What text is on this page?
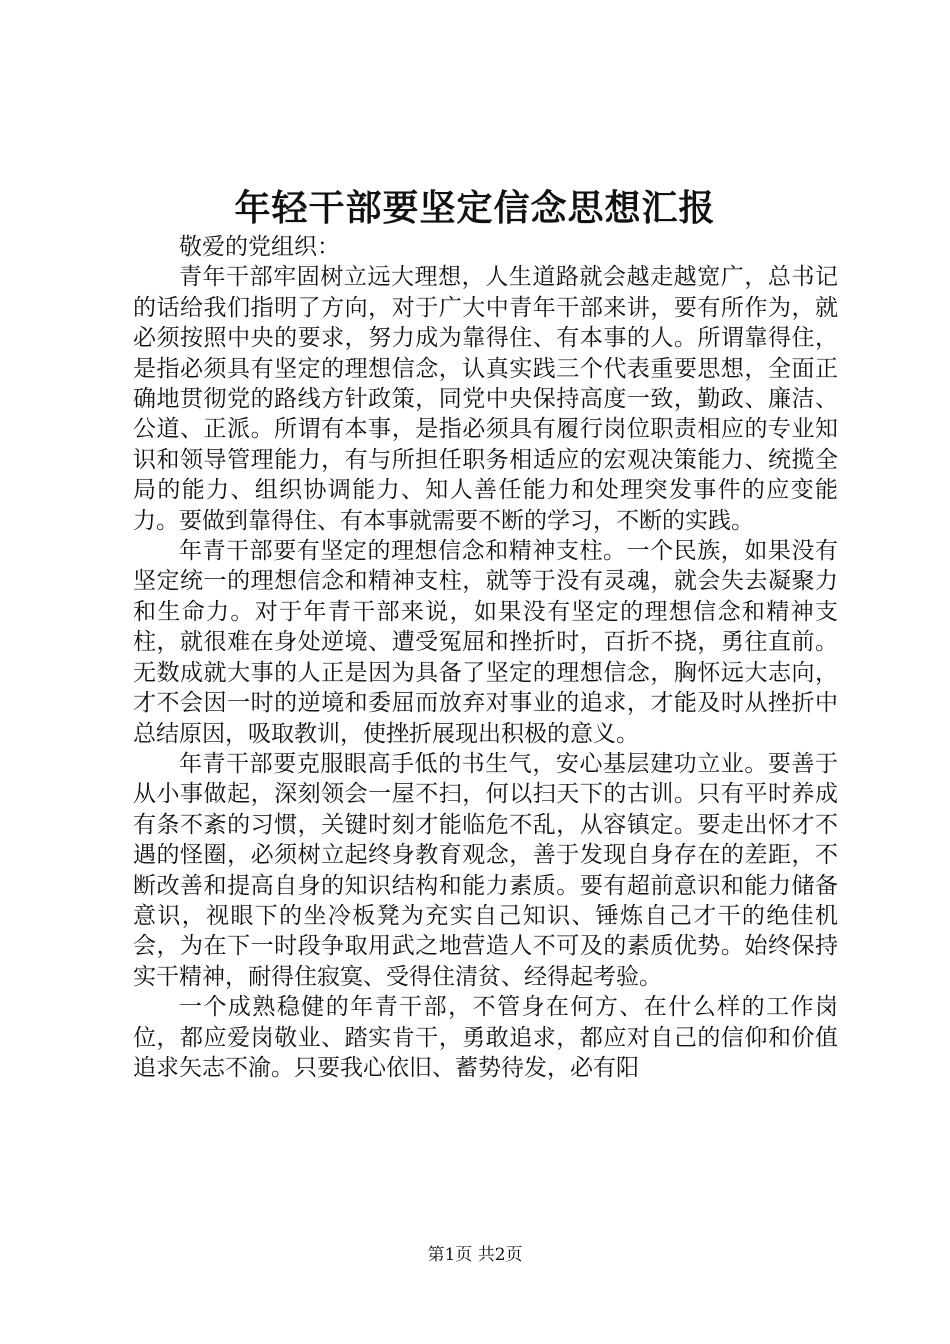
年轻干部要坚定信念思想汇报

敬爱的党组织：

青年干部牢固树立远大理想，人生道路就会越走越宽广，总书记的话给我们指明了方向，对于广大中青年干部来讲，要有所作为，就必须按照中央的要求，努力成为靠得住、有本事的人。所谓靠得住，是指必须具有坚定的理想信念，认真实践三个代表重要思想，全面正确地贯彻党的路线方针政策，同党中央保持高度一致，勤政、廉洁、公道、正派。所谓有本事，是指必须具有履行岗位职责相应的专业知识和领导管理能力，有与所担任职务相适应的宏观决策能力、统揽全局的能力、组织协调能力、知人善任能力和处理突发事件的应变能力。要做到靠得住、有本事就需要不断的学习，不断的实践。

年青干部要有坚定的理想信念和精神支柱。一个民族，如果没有坚定统一的理想信念和精神支柱，就等于没有灵魂，就会失去凝聚力和生命力。对于年青干部来说，如果没有坚定的理想信念和精神支柱，就很难在身处逆境、遭受冤屈和挫折时，百折不挠，勇往直前。无数成就大事的人正是因为具备了坚定的理想信念，胸怀远大志向，才不会因一时的逆境和委屈而放弃对事业的追求，才能及时从挫折中总结原因，吸取教训，使挫折展现出积极的意义。

年青干部要克服眼高手低的书生气，安心基层建功立业。要善于从小事做起，深刻领会一屋不扫，何以扫天下的古训。只有平时养成有条不紊的习惯，关键时刻才能临危不乱，从容镇定。要走出怀才不遇的怪圈，必须树立起终身教育观念，善于发现自身存在的差距，不断改善和提高自身的知识结构和能力素质。要有超前意识和能力储备意识，视眼下的坐冷板凳为充实自己知识、锤炼自己才干的绝佳机会，为在下一时段争取用武之地营造人不可及的素质优势。始终保持实干精神，耐得住寂寞、受得住清贫、经得起考验。

一个成熟稳健的年青干部，不管身在何方、在什么样的工作岗位，都应爱岗敬业、踏实肯干，勇敢追求，都应对自己的信仰和价值追求矢志不渝。只要我心依旧、蓄势待发，必有阳

第1页 共2页
